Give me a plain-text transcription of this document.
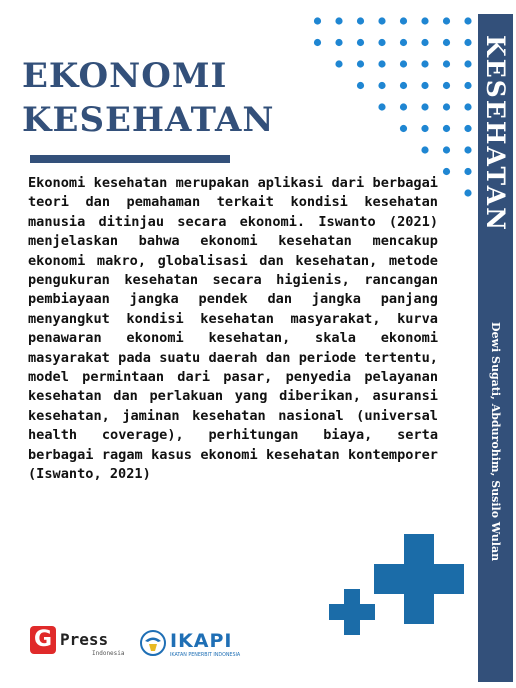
EKONOMI
KESEHATAN

Ekonomi kesehatan merupakan aplikasi dari berbagai teori dan pemahaman terkait kondisi kesehatan manusia ditinjau secara ekonomi. Iswanto (2021) menjelaskan bahwa ekonomi kesehatan mencakup ekonomi makro, globalisasi dan kesehatan, metode pengukuran kesehatan secara higienis, rancangan pembiayaan jangka pendek dan jangka panjang menyangkut kondisi kesehatan masyarakat, kurva penawaran ekonomi kesehatan, skala ekonomi masyarakat pada suatu daerah dan periode tertentu, model permintaan dari pasar, penyedia pelayanan kesehatan dan perlakuan yang diberikan, asuransi kesehatan, jaminan kesehatan nasional (universal health coverage), perhitungan biaya, serta berbagai ragam kasus ekonomi kesehatan kontemporer (Iswanto, 2021)

KESEHATAN
Dewi Sugati, Abdurohim, Susilo Wulan
G Press
Indonesia
IKAPI
IKATAN PENERBIT INDONESIA
